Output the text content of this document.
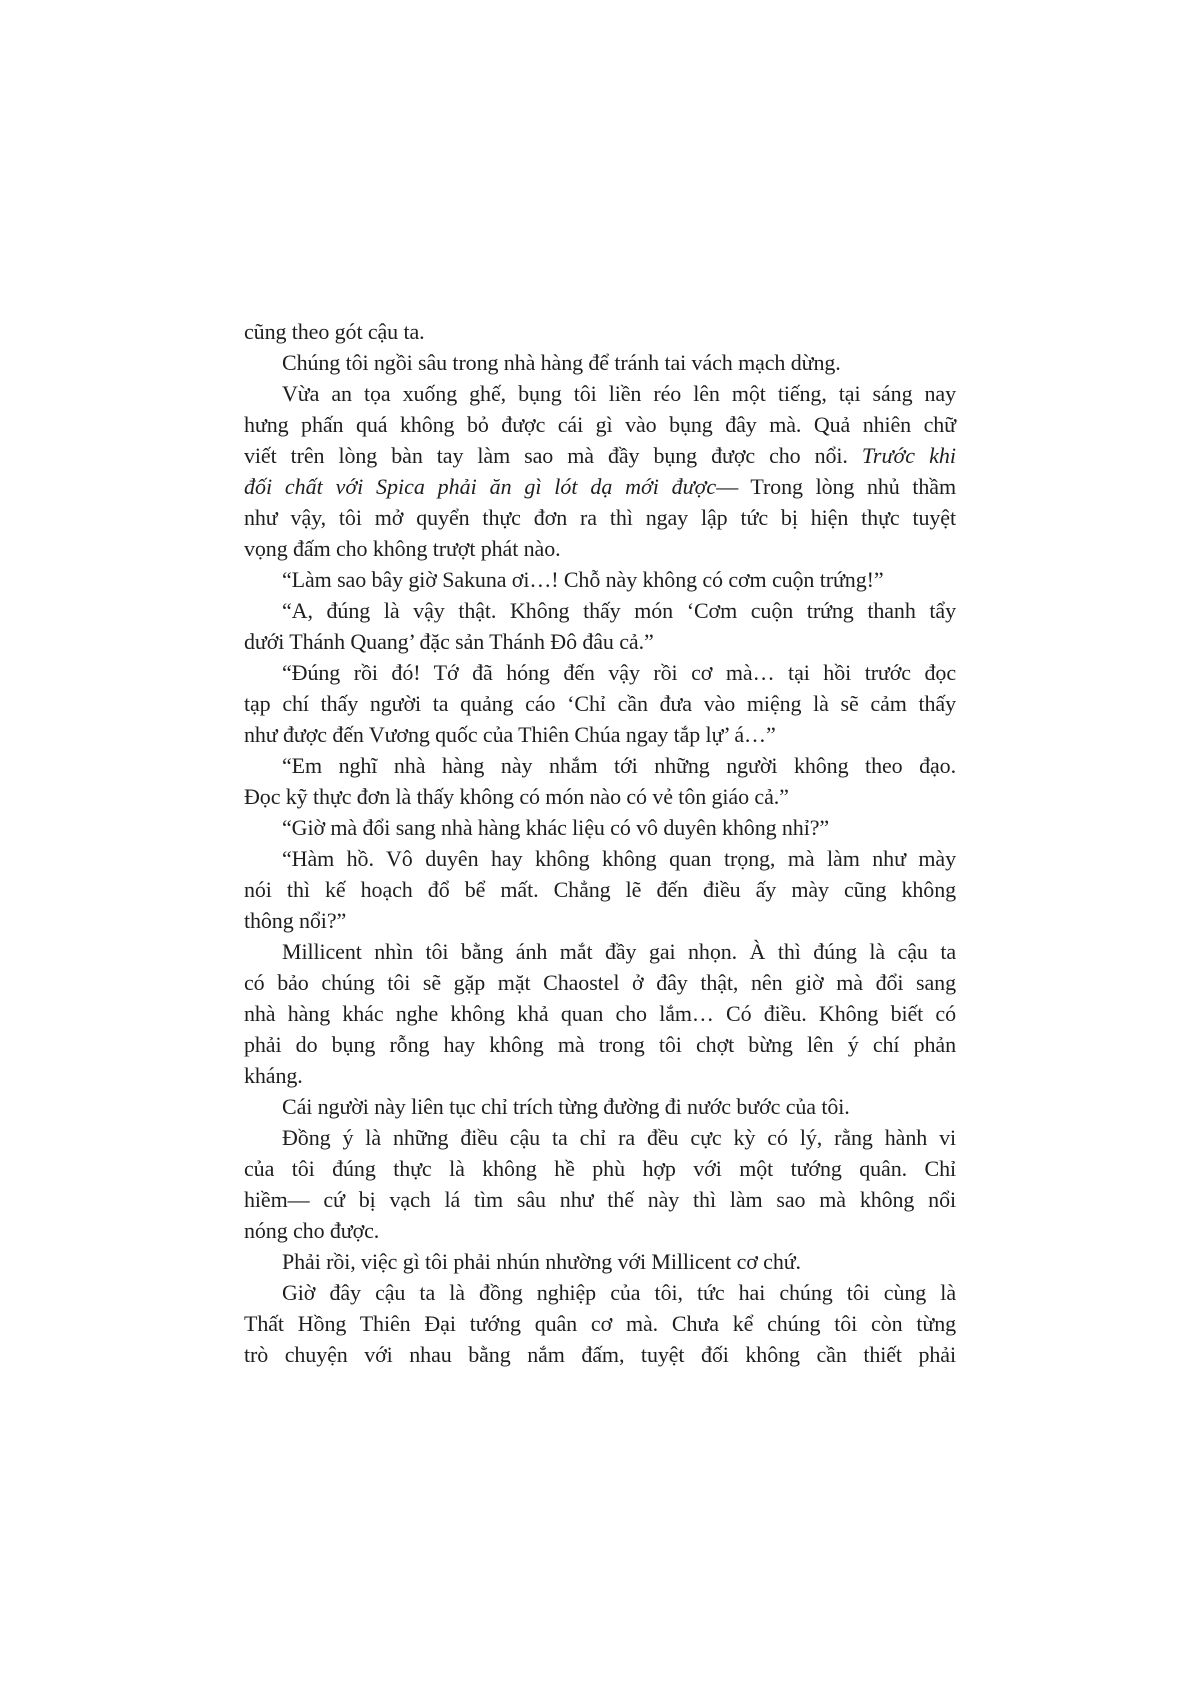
cũng theo gót cậu ta.
Chúng tôi ngồi sâu trong nhà hàng để tránh tai vách mạch dừng.
Vừa an tọa xuống ghế, bụng tôi liền réo lên một tiếng, tại sáng nay
hưng phấn quá không bỏ được cái gì vào bụng đây mà. Quả nhiên chữ
viết trên lòng bàn tay làm sao mà đầy bụng được cho nổi. Trước khi
đối chất với Spica phải ăn gì lót dạ mới được— Trong lòng nhủ thầm
như vậy, tôi mở quyển thực đơn ra thì ngay lập tức bị hiện thực tuyệt
vọng đấm cho không trượt phát nào.
“Làm sao bây giờ Sakuna ơi…! Chỗ này không có cơm cuộn trứng!”
“A, đúng là vậy thật. Không thấy món ‘Cơm cuộn trứng thanh tẩy
dưới Thánh Quang’ đặc sản Thánh Đô đâu cả.”
“Đúng rồi đó! Tớ đã hóng đến vậy rồi cơ mà… tại hồi trước đọc
tạp chí thấy người ta quảng cáo ‘Chỉ cần đưa vào miệng là sẽ cảm thấy
như được đến Vương quốc của Thiên Chúa ngay tắp lự’ á…”
“Em nghĩ nhà hàng này nhắm tới những người không theo đạo.
Đọc kỹ thực đơn là thấy không có món nào có vẻ tôn giáo cả.”
“Giờ mà đổi sang nhà hàng khác liệu có vô duyên không nhỉ?”
“Hàm hồ. Vô duyên hay không không quan trọng, mà làm như mày
nói thì kế hoạch đổ bể mất. Chẳng lẽ đến điều ấy mày cũng không
thông nổi?”
Millicent nhìn tôi bằng ánh mắt đầy gai nhọn. À thì đúng là cậu ta
có bảo chúng tôi sẽ gặp mặt Chaostel ở đây thật, nên giờ mà đổi sang
nhà hàng khác nghe không khả quan cho lắm… Có điều. Không biết có
phải do bụng rỗng hay không mà trong tôi chợt bừng lên ý chí phản
kháng.
Cái người này liên tục chỉ trích từng đường đi nước bước của tôi.
Đồng ý là những điều cậu ta chỉ ra đều cực kỳ có lý, rằng hành vi
của tôi đúng thực là không hề phù hợp với một tướng quân. Chỉ
hiềm— cứ bị vạch lá tìm sâu như thế này thì làm sao mà không nổi
nóng cho được.
Phải rồi, việc gì tôi phải nhún nhường với Millicent cơ chứ.
Giờ đây cậu ta là đồng nghiệp của tôi, tức hai chúng tôi cùng là
Thất Hồng Thiên Đại tướng quân cơ mà. Chưa kể chúng tôi còn từng
trò chuyện với nhau bằng nắm đấm, tuyệt đối không cần thiết phải
